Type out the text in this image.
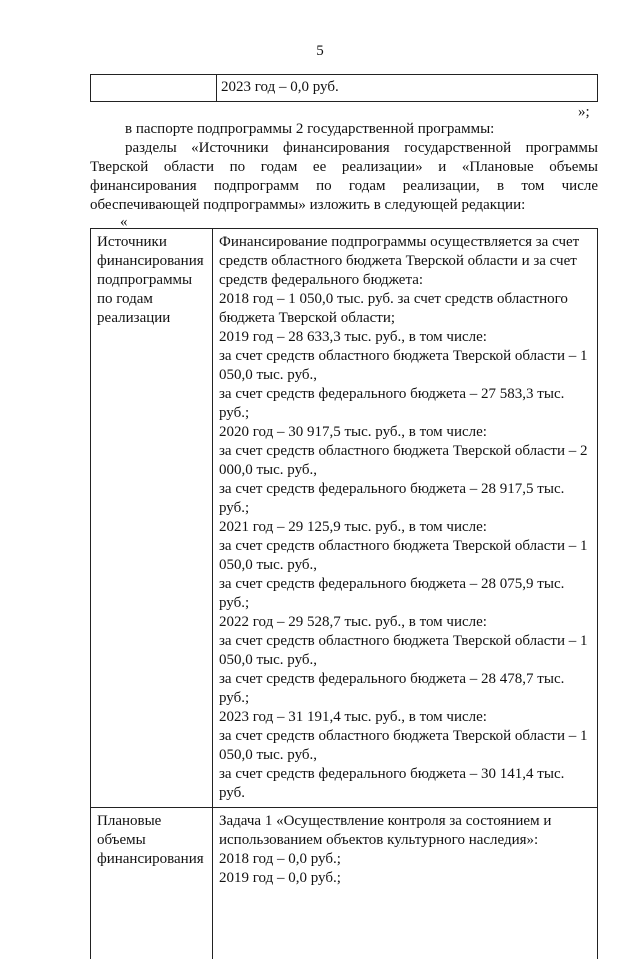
5
2023 год – 0,0 руб.
»;
в паспорте подпрограммы 2 государственной программы:
разделы «Источники финансирования государственной программы Тверской области по годам ее реализации» и «Плановые объемы финансирования подпрограмм по годам реализации, в том числе обеспечивающей подпрограммы» изложить в следующей редакции:
«
Источники финансирования подпрограммы по годам реализации
Финансирование подпрограммы осуществляется за счет средств областного бюджета Тверской области и за счет средств федерального бюджета:
2018 год – 1 050,0 тыс. руб. за счет средств областного бюджета Тверской области;
2019 год – 28 633,3 тыс. руб., в том числе:
за счет средств областного бюджета Тверской области – 1 050,0 тыс. руб.,
за счет средств федерального бюджета – 27 583,3 тыс. руб.;
2020 год – 30 917,5 тыс. руб., в том числе:
за счет средств областного бюджета Тверской области – 2 000,0 тыс. руб.,
за счет средств федерального бюджета – 28 917,5 тыс. руб.;
2021 год – 29 125,9 тыс. руб., в том числе:
за счет средств областного бюджета Тверской области – 1 050,0 тыс. руб.,
за счет средств федерального бюджета – 28 075,9 тыс. руб.;
2022 год – 29 528,7 тыс. руб., в том числе:
за счет средств областного бюджета Тверской области – 1 050,0 тыс. руб.,
за счет средств федерального бюджета – 28 478,7 тыс. руб.;
2023 год – 31 191,4 тыс. руб., в том числе:
за счет средств областного бюджета Тверской области – 1 050,0 тыс. руб.,
за счет средств федерального бюджета – 30 141,4 тыс. руб.
Плановые объемы финансирования
Задача 1 «Осуществление контроля за состоянием и использованием объектов культурного наследия»:
2018 год – 0,0 руб.;
2019 год – 0,0 руб.;
